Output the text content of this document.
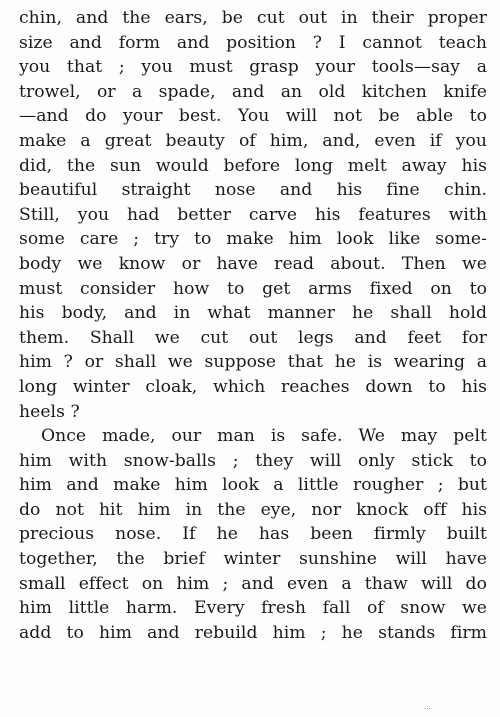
chin, and the ears, be cut out in their proper
size and form and position ? I cannot teach
you that ; you must grasp your tools—say a
trowel, or a spade, and an old kitchen knife
—and do your best. You will not be able to
make a great beauty of him, and, even if you
did, the sun would before long melt away his
beautiful straight nose and his fine chin.
Still, you had better carve his features with
some care ; try to make him look like some-
body we know or have read about. Then we
must consider how to get arms fixed on to
his body, and in what manner he shall hold
them. Shall we cut out legs and feet for
him ? or shall we suppose that he is wearing a
long winter cloak, which reaches down to his
heels ?
Once made, our man is safe. We may pelt
him with snow-balls ; they will only stick to
him and make him look a little rougher ; but
do not hit him in the eye, nor knock off his
precious nose. If he has been firmly built
together, the brief winter sunshine will have
small effect on him ; and even a thaw will do
him little harm. Every fresh fall of snow we
add to him and rebuild him ; he stands firm
···
